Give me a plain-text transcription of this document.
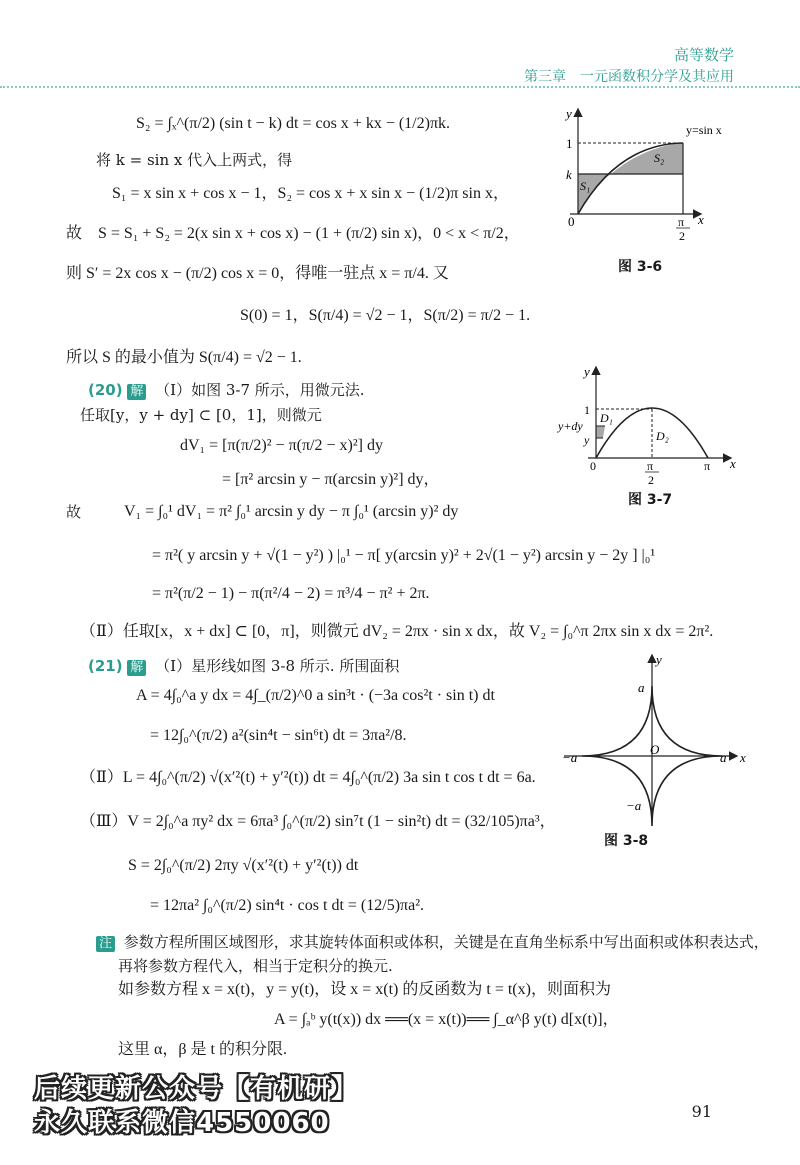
高等数学
第三章　一元函数积分学及其应用
S₂ = ∫ₓ^(π/2) (sin t − k) dt = cos x + kx − (1/2)πk.
将 k = sin x 代入上两式，得
S₁ = x sin x + cos x − 1，S₂ = cos x + x sin x − (1/2)π sin x，
故　S = S₁ + S₂ = 2(x sin x + cos x) − (1 + (π/2) sin x)，0 < x < π/2，
则 S′ = 2x cos x − (π/2) cos x = 0，得唯一驻点 x = π/4. 又
S(0) = 1，S(π/4) = √2 − 1，S(π/2) = π/2 − 1.
所以 S 的最小值为 S(π/4) = √2 − 1.
(20) 解 （Ⅰ）如图 3-7 所示，用微元法.
任取[y，y + dy] ⊂ [0，1]，则微元
dV₁ = [π(π/2)² − π(π/2 − x)²] dy
= [π² arcsin y − π(arcsin y)²] dy，
故	V₁ = ∫₀¹ dV₁ = π² ∫₀¹ arcsin y dy − π ∫₀¹ (arcsin y)² dy
= π²( y arcsin y + √(1 − y²) ) |₀¹ − π[ y(arcsin y)² + 2√(1 − y²) arcsin y − 2y ] |₀¹
= π²(π/2 − 1) − π(π²/4 − 2) = π³/4 − π² + 2π.
（Ⅱ）任取[x，x + dx] ⊂ [0，π]，则微元 dV₂ = 2πx · sin x dx，故 V₂ = ∫₀^π 2πx sin x dx = 2π².
(21) 解 （Ⅰ）星形线如图 3-8 所示. 所围面积
A = 4∫₀^a y dx = 4∫_(π/2)^0 a sin³t · (−3a cos²t · sin t) dt
= 12∫₀^(π/2) a²(sin⁴t − sin⁶t) dt = 3πa²/8.
（Ⅱ）L = 4∫₀^(π/2) √(x′²(t) + y′²(t)) dt = 4∫₀^(π/2) 3a sin t cos t dt = 6a.
（Ⅲ）V = 2∫₀^a πy² dx = 6πa³ ∫₀^(π/2) sin⁷t (1 − sin²t) dt = (32/105)πa³，
S = 2∫₀^(π/2) 2πy √(x′²(t) + y′²(t)) dt
= 12πa² ∫₀^(π/2) sin⁴t · cos t dt = (12/5)πa².
注 参数方程所围区域图形，求其旋转体面积或体积，关键是在直角坐标系中写出面积或体积表达式，
再将参数方程代入，相当于定积分的换元.
如参数方程 x = x(t)，y = y(t)，设 x = x(t) 的反函数为 t = t(x)，则面积为
A = ∫ₐᵇ y(t(x)) dx ══(x = x(t))══ ∫_α^β y(t) d[x(t)]，
这里 α，β 是 t 的积分限.
y
x
1
k
0	π
2
y=sin x
S₁
S₂
图 3-6
y
x
1
y+dy
y
0	π
2
π
D₁
D₂
图 3-7
y
x
a
−a
−a	a
O
图 3-8
91
后续更新公众号【有机研】
永久联系微信4550060
